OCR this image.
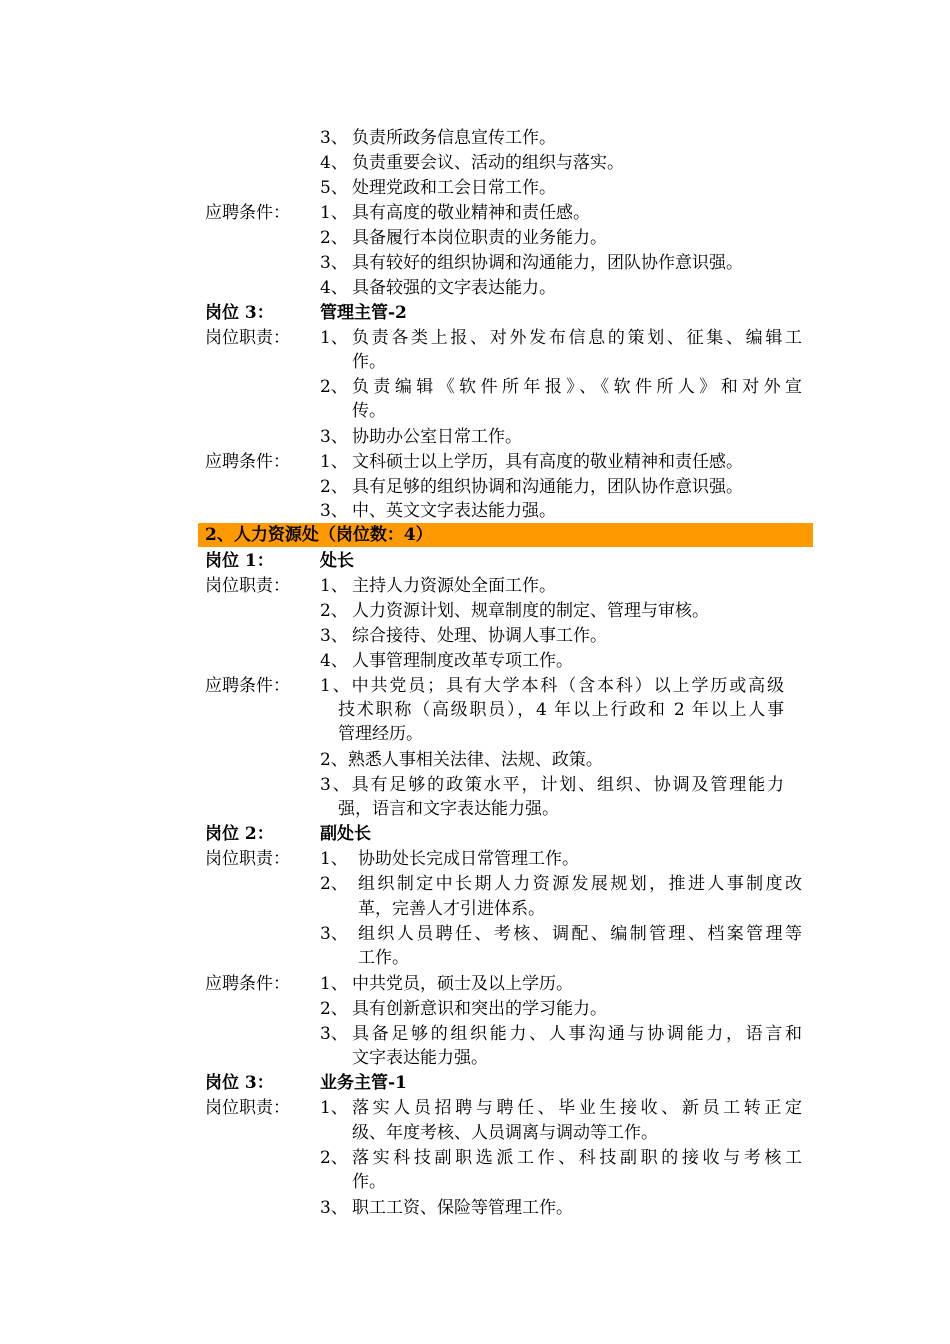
3、 负责所政务信息宣传工作。
4、 负责重要会议、活动的组织与落实。
5、 处理党政和工会日常工作。
应聘条件： 1、 具有高度的敬业精神和责任感。
2、 具备履行本岗位职责的业务能力。
3、 具有较好的组织协调和沟通能力，团队协作意识强。
4、 具备较强的文字表达能力。
岗位 3：	管理主管-2
岗位职责： 1、 负责各类上报、对外发布信息的策划、征集、编辑工
作。
2、 负责编辑《软件所年报》、《软件所人》和对外宣
传。
3、 协助办公室日常工作。
应聘条件： 1、 文科硕士以上学历，具有高度的敬业精神和责任感。
2、 具有足够的组织协调和沟通能力，团队协作意识强。
3、 中、英文文字表达能力强。
2、人力资源处（岗位数：4）
岗位 1：	处长
岗位职责： 1、 主持人力资源处全面工作。
2、 人力资源计划、规章制度的制定、管理与审核。
3、 综合接待、处理、协调人事工作。
4、 人事管理制度改革专项工作。
应聘条件： 1、中共党员；具有大学本科（含本科）以上学历或高级
技术职称（高级职员），4 年以上行政和 2 年以上人事
管理经历。
2、熟悉人事相关法律、法规、政策。
3、具有足够的政策水平，计划、组织、协调及管理能力
强，语言和文字表达能力强。
岗位 2：	副处长
岗位职责： 1、 协助处长完成日常管理工作。
2、 组织制定中长期人力资源发展规划，推进人事制度改
革，完善人才引进体系。
3、 组织人员聘任、考核、调配、编制管理、档案管理等
工作。
应聘条件： 1、 中共党员，硕士及以上学历。
2、 具有创新意识和突出的学习能力。
3、 具备足够的组织能力、人事沟通与协调能力，语言和
文字表达能力强。
岗位 3：	业务主管-1
岗位职责： 1、 落实人员招聘与聘任、毕业生接收、新员工转正定
级、年度考核、人员调离与调动等工作。
2、 落实科技副职选派工作、科技副职的接收与考核工
作。
3、 职工工资、保险等管理工作。
